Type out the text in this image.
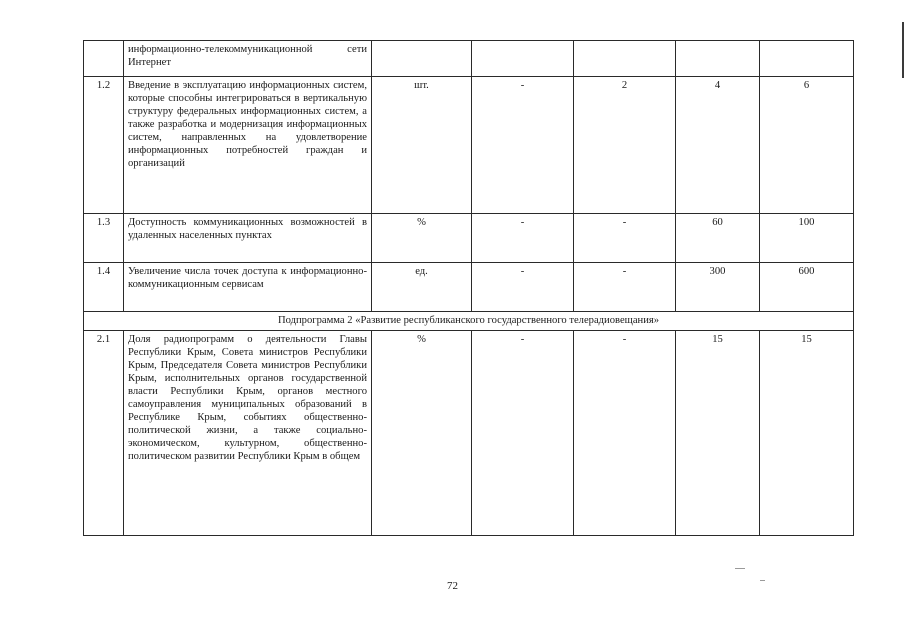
	информационно-телекоммуникационной сети Интернет					
1.2	Введение в эксплуатацию информационных систем, которые способны интегрироваться в вертикальную структуру федеральных информационных систем, а также разработка и модернизация информационных систем, направленных на удовлетворение информационных потребностей граждан и организаций	шт.	-	2	4	6
1.3	Доступность коммуникационных возможностей в удаленных населенных пунктах	%	-	-	60	100
1.4	Увеличение числа точек доступа к информационно-коммуникационным сервисам	ед.	-	-	300	600
Подпрограмма 2 «Развитие республиканского государственного телерадиовещания»						
2.1	Доля радиопрограмм о деятельности Главы Республики Крым, Совета министров Республики Крым, Председателя Совета министров Республики Крым, исполнительных органов государственной власти Республики Крым, органов местного самоуправления муниципальных образований в Республике Крым, событиях общественно-политической жизни, а также социально-экономическом, культурном, общественно-политическом развитии Республики Крым в общем	%	-	-	15	15
72
